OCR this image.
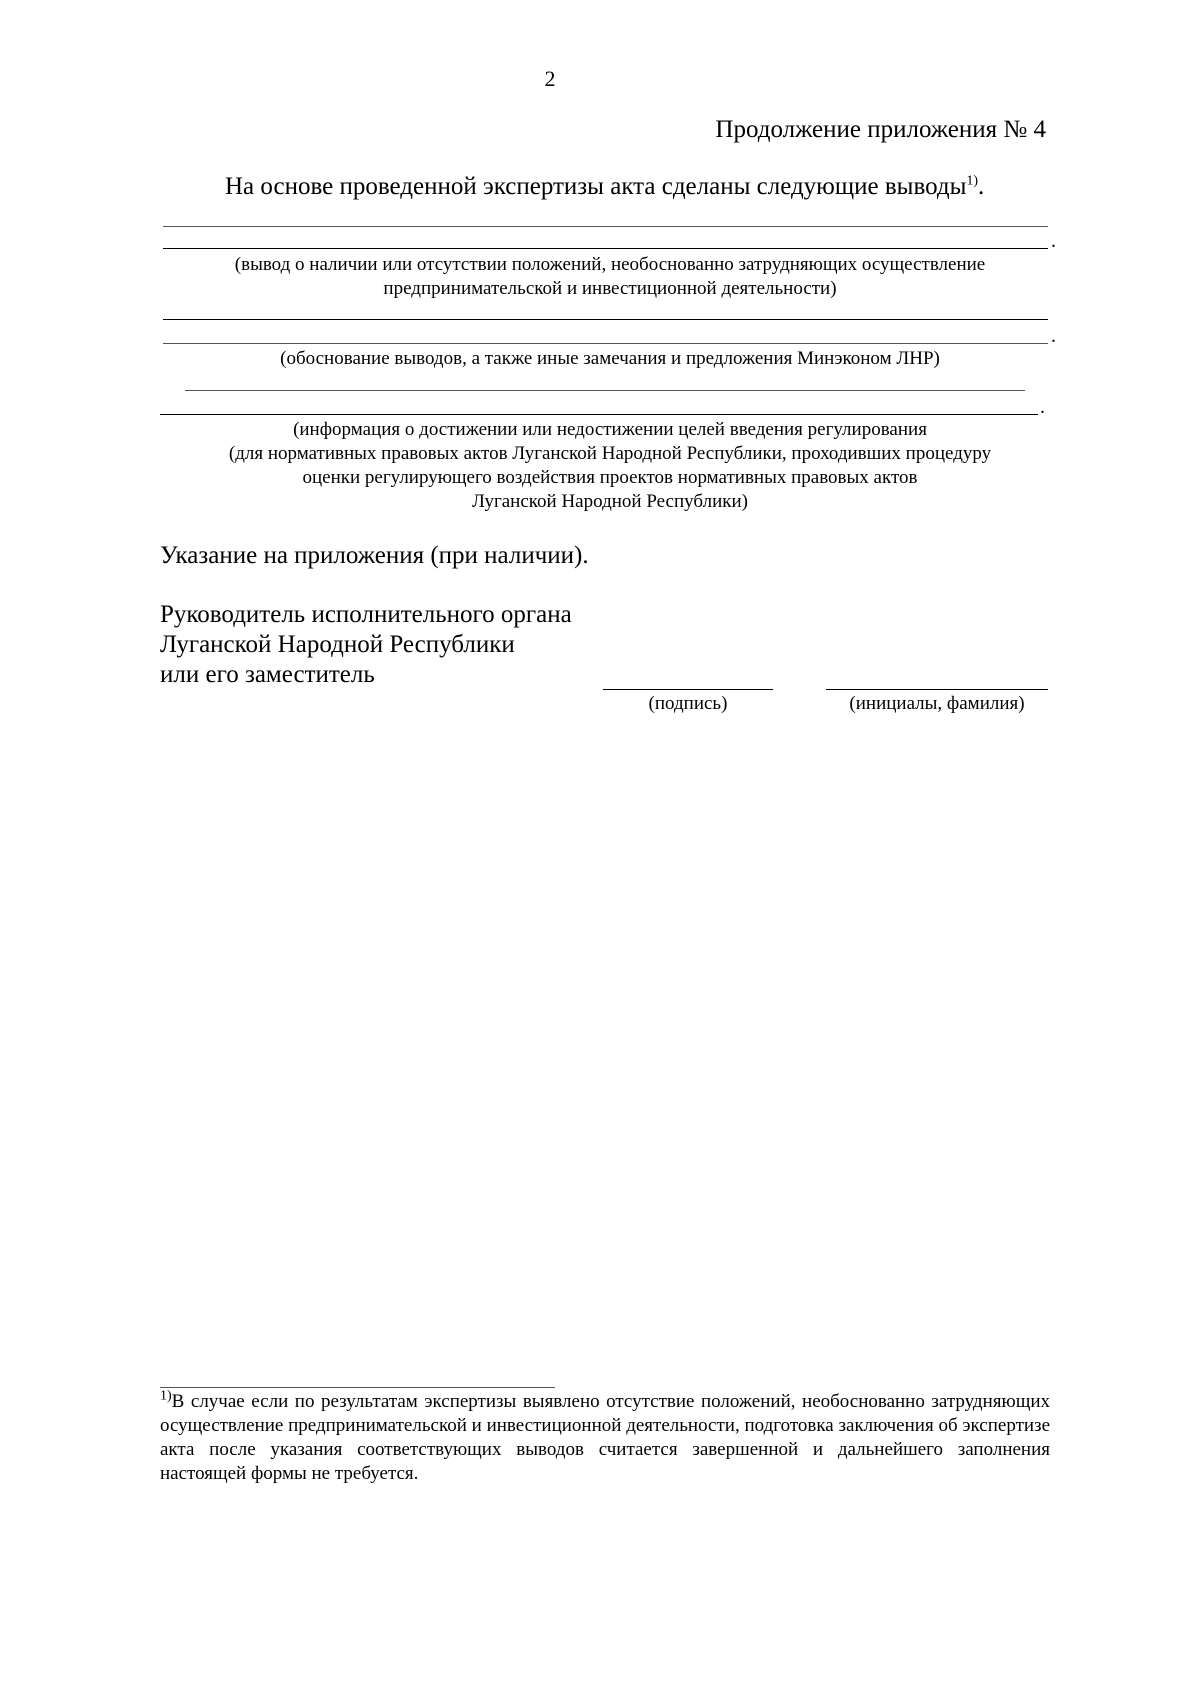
2
Продолжение приложения № 4
На основе проведенной экспертизы акта сделаны следующие выводы$^{1)}$.
.
(вывод о наличии или отсутствии положений, необоснованно затрудняющих осуществление
предпринимательской и инвестиционной деятельности)
.
(обоснование выводов, а также иные замечания и предложения Минэконом ЛНР)
.
(информация о достижении или недостижении целей введения регулирования
(для нормативных правовых актов Луганской Народной Республики, проходивших процедуру
оценки регулирующего воздействия проектов нормативных правовых актов
Луганской Народной Республики)
Указание на приложения (при наличии).
Руководитель исполнительного органа
Луганской Народной Республики
или его заместитель
(подпись)	(инициалы, фамилия)
$^{1)}$В случае если по результатам экспертизы выявлено отсутствие положений, необоснованно затрудняющих осуществление предпринимательской и инвестиционной деятельности, подготовка заключения об экспертизе акта после указания соответствующих выводов считается завершенной и дальнейшего заполнения настоящей формы не требуется.
